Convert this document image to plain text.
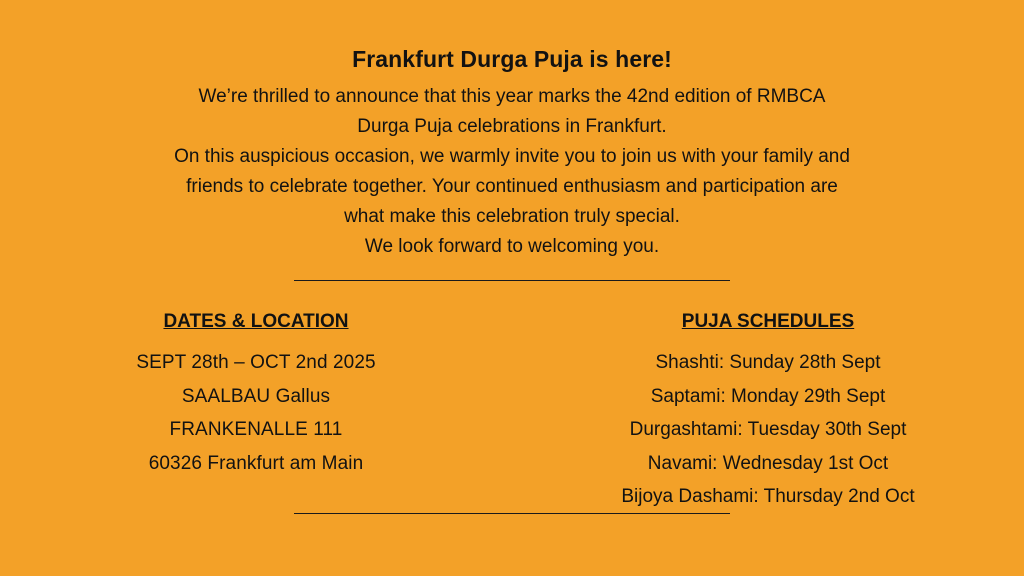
Frankfurt Durga Puja is here!
We’re thrilled to announce that this year marks the 42nd edition of RMBCA
Durga Puja celebrations in Frankfurt.
On this auspicious occasion, we warmly invite you to join us with your family and
friends to celebrate together. Your continued enthusiasm and participation are
what make this celebration truly special.
We look forward to welcoming you.
DATES & LOCATION
SEPT 28th – OCT 2nd 2025
SAALBAU Gallus
FRANKENALLE 111
60326 Frankfurt am Main
PUJA SCHEDULES
Shashti: Sunday 28th Sept
Saptami: Monday 29th Sept
Durgashtami: Tuesday 30th Sept
Navami: Wednesday 1st Oct
Bijoya Dashami: Thursday 2nd Oct
